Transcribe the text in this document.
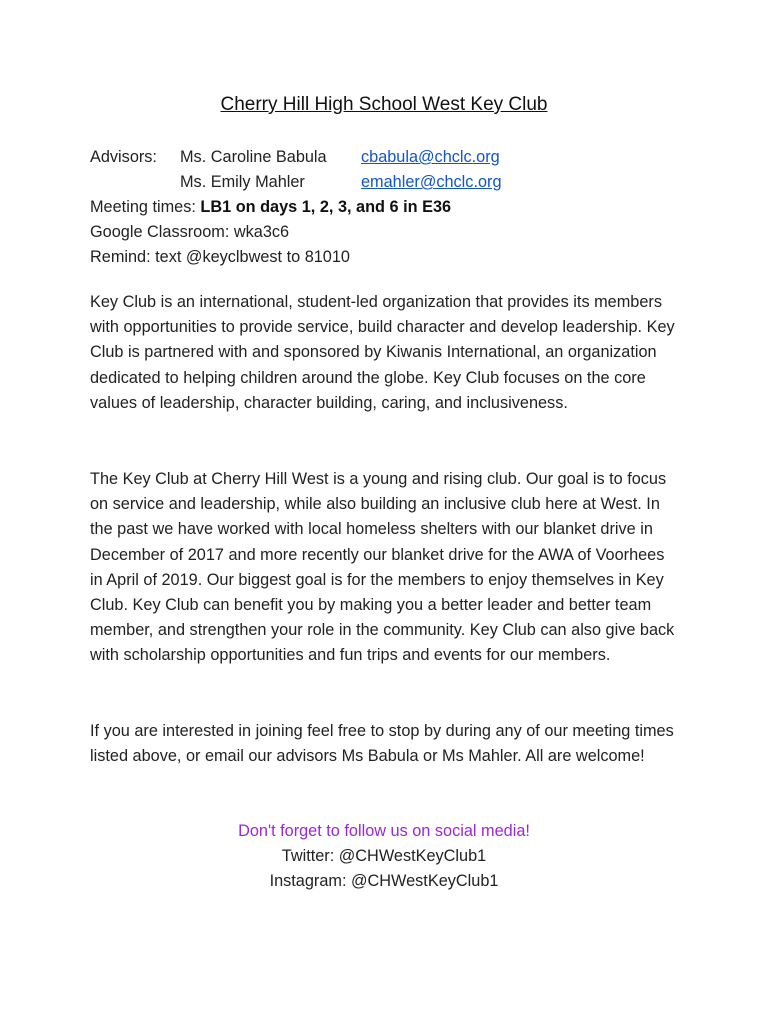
Cherry Hill High School West Key Club
Advisors: Ms. Caroline Babula cbabula@chclc.org
Ms. Emily Mahler	emahler@chclc.org
Meeting times: LB1 on days 1, 2, 3, and 6 in E36
Google Classroom: wka3c6
Remind: text @keyclbwest to 81010

Key Club is an international, student-led organization that provides its members with opportunities to provide service, build character and develop leadership. Key Club is partnered with and sponsored by Kiwanis International, an organization dedicated to helping children around the globe. Key Club focuses on the core values of leadership, character building, caring, and inclusiveness.

The Key Club at Cherry Hill West is a young and rising club. Our goal is to focus on service and leadership, while also building an inclusive club here at West. In the past we have worked with local homeless shelters with our blanket drive in December of 2017 and more recently our blanket drive for the AWA of Voorhees in April of 2019. Our biggest goal is for the members to enjoy themselves in Key Club. Key Club can benefit you by making you a better leader and better team member, and strengthen your role in the community. Key Club can also give back with scholarship opportunities and fun trips and events for our members.

If you are interested in joining feel free to stop by during any of our meeting times listed above, or email our advisors Ms Babula or Ms Mahler. All are welcome!

Don't forget to follow us on social media!
Twitter: @CHWestKeyClub1
Instagram: @CHWestKeyClub1
